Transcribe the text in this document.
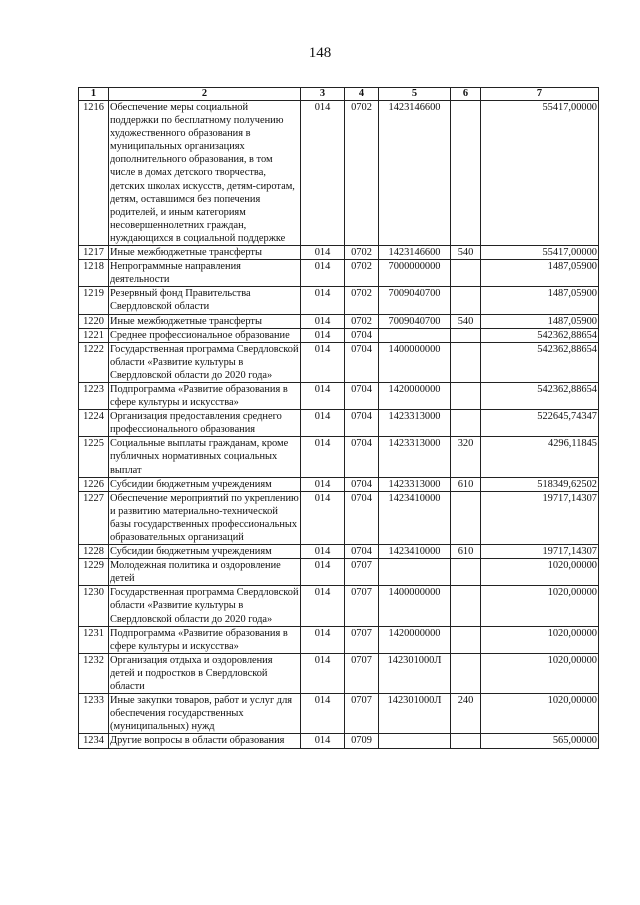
148
1	2	3	4	5	6	7
1216	Обеспечение меры социальной поддержки по бесплатному получению художественного образования в муниципальных организациях дополнительного образования, в том числе в домах детского творчества, детских школах искусств, детям-сиротам, детям, оставшимся без попечения родителей, и иным категориям несовершеннолетних граждан, нуждающихся в социальной поддержке	014	0702	1423146600		55417,00000
1217	Иные межбюджетные трансферты	014	0702	1423146600	540	55417,00000
1218	Непрограммные направления деятельности	014	0702	7000000000		1487,05900
1219	Резервный фонд Правительства Свердловской области	014	0702	7009040700		1487,05900
1220	Иные межбюджетные трансферты	014	0702	7009040700	540	1487,05900
1221	Среднее профессиональное образование	014	0704			542362,88654
1222	Государственная программа Свердловской области «Развитие культуры в Свердловской области до 2020 года»	014	0704	1400000000		542362,88654
1223	Подпрограмма «Развитие образования в сфере культуры и искусства»	014	0704	1420000000		542362,88654
1224	Организация предоставления среднего профессионального образования	014	0704	1423313000		522645,74347
1225	Социальные выплаты гражданам, кроме публичных нормативных социальных выплат	014	0704	1423313000	320	4296,11845
1226	Субсидии бюджетным учреждениям	014	0704	1423313000	610	518349,62502
1227	Обеспечение мероприятий по укреплению и развитию материально-технической базы государственных профессиональных образовательных организаций	014	0704	1423410000		19717,14307
1228	Субсидии бюджетным учреждениям	014	0704	1423410000	610	19717,14307
1229	Молодежная политика и оздоровление детей	014	0707			1020,00000
1230	Государственная программа Свердловской области «Развитие культуры в Свердловской области до 2020 года»	014	0707	1400000000		1020,00000
1231	Подпрограмма «Развитие образования в сфере культуры и искусства»	014	0707	1420000000		1020,00000
1232	Организация отдыха и оздоровления детей и подростков в Свердловской области	014	0707	142301000Л		1020,00000
1233	Иные закупки товаров, работ и услуг для обеспечения государственных (муниципальных) нужд	014	0707	142301000Л	240	1020,00000
1234	Другие вопросы в области образования	014	0709			565,00000
